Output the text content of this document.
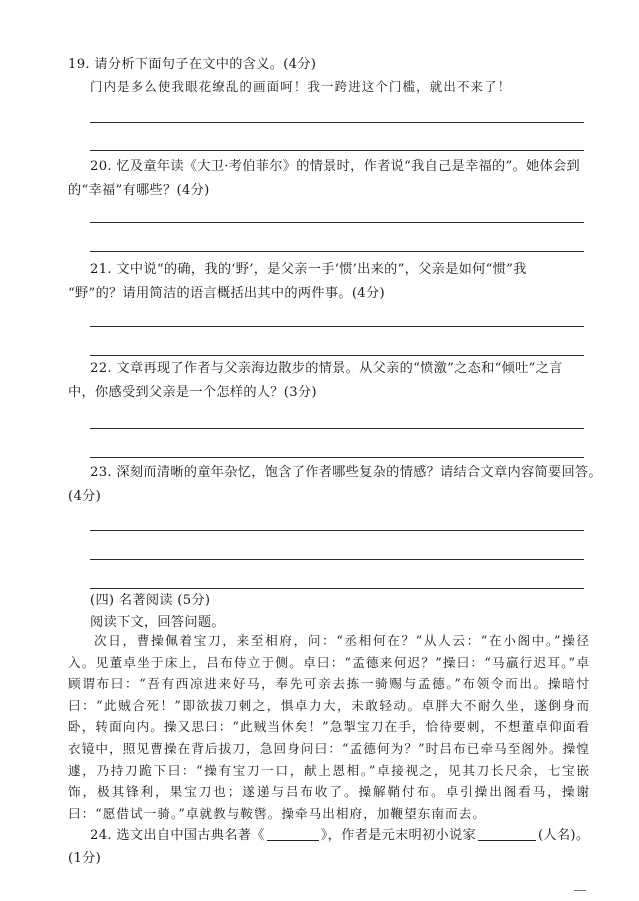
19. 请分析下面句子在文中的含义。(4分)
门内是多么使我眼花缭乱的画面呵！我一跨进这个门槛，就出不来了！
20. 忆及童年读《大卫·考伯菲尔》的情景时，作者说“我自己是幸福的”。她体会到
的“幸福”有哪些？(4分)
21. 文中说“的确，我的‘野’，是父亲一手‘惯’出来的”，父亲是如何“惯”我
“野”的？请用简洁的语言概括出其中的两件事。(4分)
22. 文章再现了作者与父亲海边散步的情景。从父亲的“愤激”之态和“倾吐”之言
中，你感受到父亲是一个怎样的人？(3分)
23. 深刻而清晰的童年杂忆，饱含了作者哪些复杂的情感？请结合文章内容简要回答。
(4分)
(四) 名著阅读 (5分)
阅读下文，回答问题。
次日，曹操佩着宝刀，来至相府，问：“丞相何在？”从人云：“在小阁中。”操径入。见董卓坐于床上，吕布侍立于侧。卓曰：“孟德来何迟？”操曰：“马羸行迟耳。”卓顾谓布曰：“吾有西凉进来好马，奉先可亲去拣一骑赐与孟德。”布领令而出。操暗忖曰：“此贼合死！”即欲拔刀刺之，惧卓力大，未敢轻动。卓胖大不耐久坐，遂倒身而卧，转面向内。操又思曰：“此贼当休矣！”急掣宝刀在手，恰待要刺，不想董卓仰面看衣镜中，照见曹操在背后拔刀，急回身问曰：“孟德何为？”时吕布已牵马至阁外。操惶遽，乃持刀跪下曰：“操有宝刀一口，献上恩相。”卓接视之，见其刀长尺余，七宝嵌饰，极其锋利，果宝刀也；遂递与吕布收了。操解鞘付布。卓引操出阁看马，操谢曰：“愿借试一骑。”卓就教与鞍辔。操牵马出相府，加鞭望东南而去。
24. 选文出自中国古典名著《	》，作者是元末明初小说家	(人名)。
(1分)
